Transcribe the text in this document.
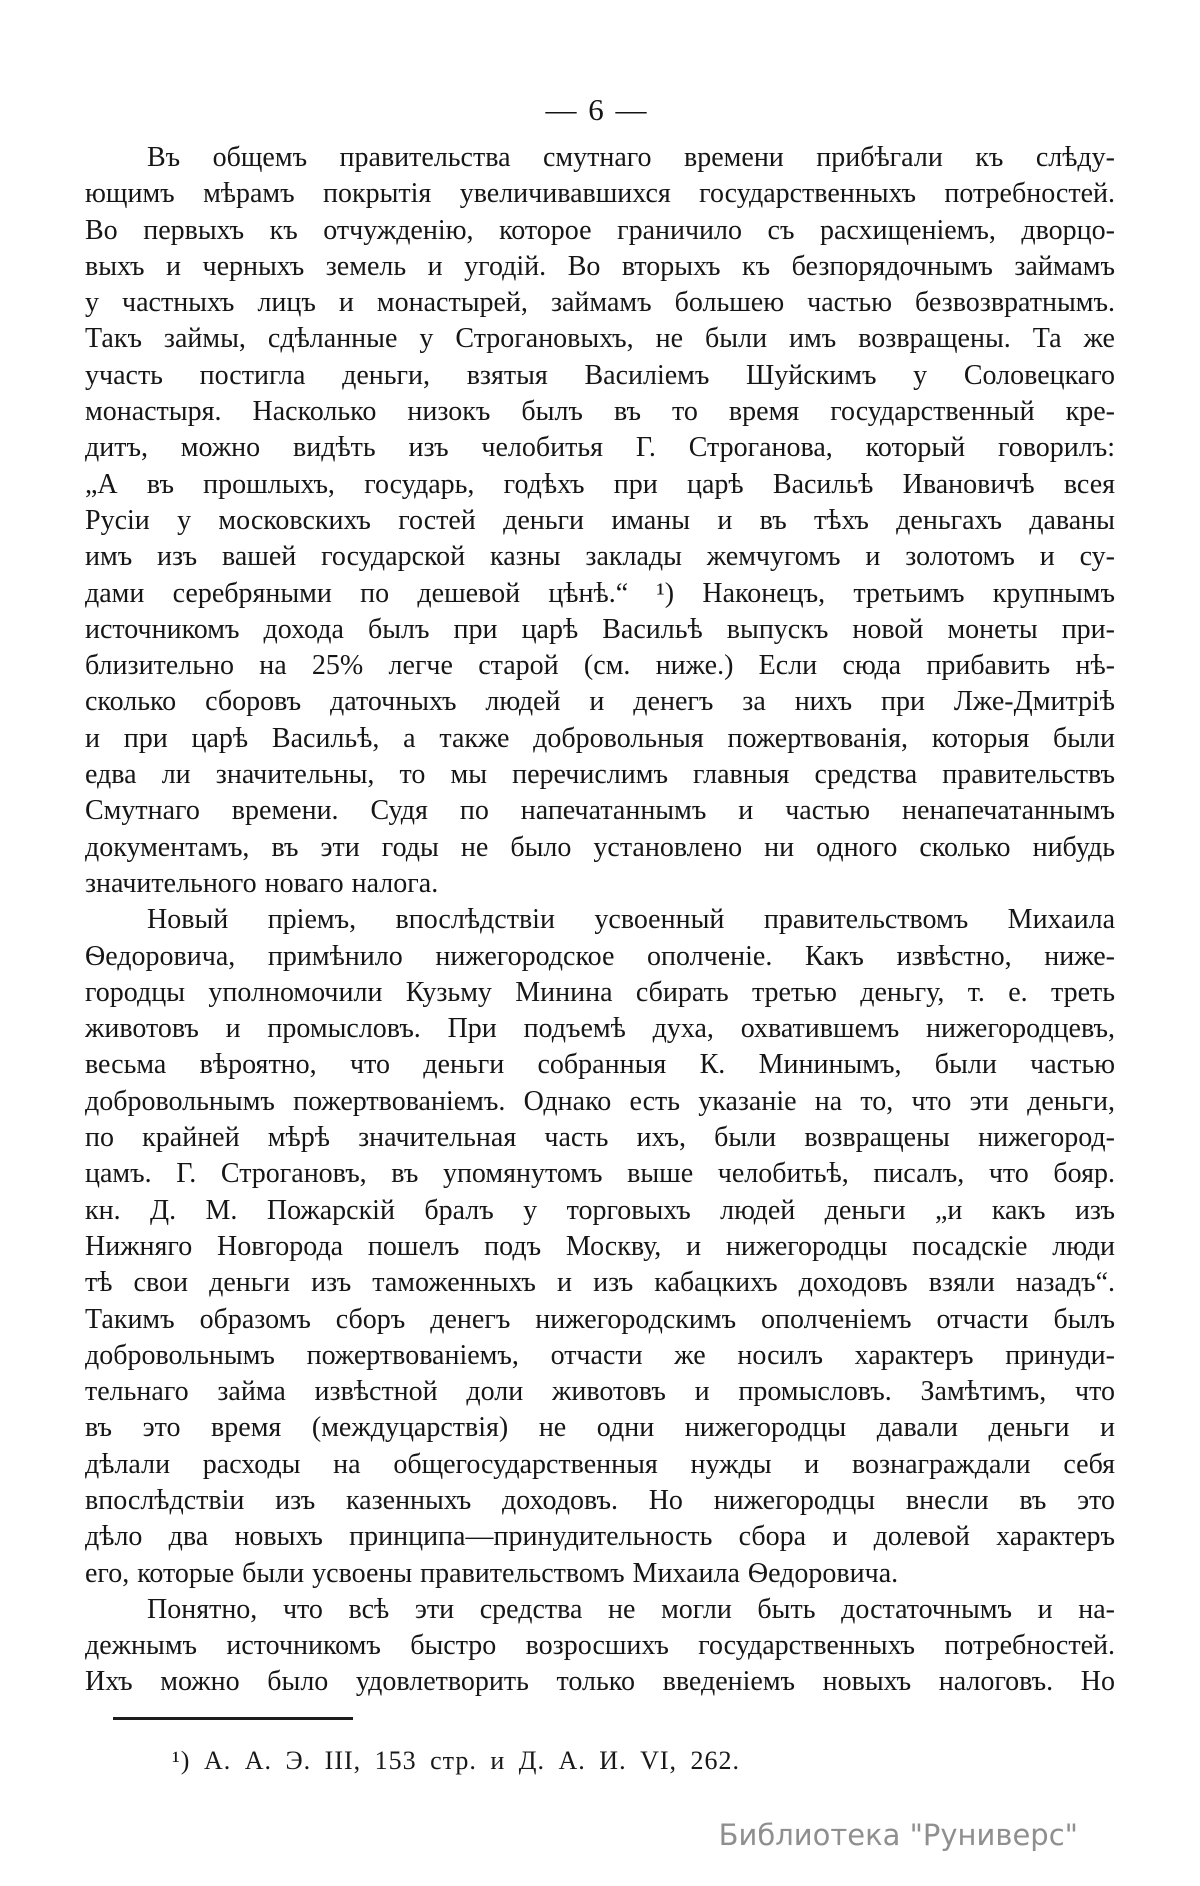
— 6 —
Въ общемъ правительства смутнаго времени прибѣгали къ слѣду-
ющимъ мѣрамъ покрытія увеличивавшихся государственныхъ потребностей.
Во первыхъ къ отчужденію, которое граничило съ расхищеніемъ, дворцо-
выхъ и черныхъ земель и угодій. Во вторыхъ къ безпорядочнымъ займамъ
у частныхъ лицъ и монастырей, займамъ большею частью безвозвратнымъ.
Такъ займы, сдѣланные у Строгановыхъ, не были имъ возвращены. Та же
участь постигла деньги, взятыя Василіемъ Шуйскимъ у Соловецкаго
монастыря. Насколько низокъ былъ въ то время государственный кре-
дитъ, можно видѣть изъ челобитья Г. Строганова, который говорилъ:
„А въ прошлыхъ, государь, годѣхъ при царѣ Васильѣ Ивановичѣ всея
Русіи у московскихъ гостей деньги иманы и въ тѣхъ деньгахъ даваны
имъ изъ вашей государской казны заклады жемчугомъ и золотомъ и су-
дами серебряными по дешевой цѣнѣ.“ ¹) Наконецъ, третьимъ крупнымъ
источникомъ дохода былъ при царѣ Васильѣ выпускъ новой монеты при-
близительно на 25% легче старой (см. ниже.) Если сюда прибавить нѣ-
сколько сборовъ даточныхъ людей и денегъ за нихъ при Лже-Дмитріѣ
и при царѣ Васильѣ, а также добровольныя пожертвованія, которыя были
едва ли значительны, то мы перечислимъ главныя средства правительствъ
Смутнаго времени. Судя по напечатаннымъ и частью ненапечатаннымъ
документамъ, въ эти годы не было установлено ни одного сколько нибудь
значительного новаго налога.
Новый пріемъ, впослѣдствіи усвоенный правительствомъ Михаила
Ѳедоровича, примѣнило нижегородское ополченіе. Какъ извѣстно, ниже-
городцы уполномочили Кузьму Минина сбирать третью деньгу, т. е. треть
животовъ и промысловъ. При подъемѣ духа, охватившемъ нижегородцевъ,
весьма вѣроятно, что деньги собранныя К. Мининымъ, были частью
добровольнымъ пожертвованіемъ. Однако есть указаніе на то, что эти деньги,
по крайней мѣрѣ значительная часть ихъ, были возвращены нижегород-
цамъ. Г. Строгановъ, въ упомянутомъ выше челобитьѣ, писалъ, что бояр.
кн. Д. М. Пожарскій бралъ у торговыхъ людей деньги „и какъ изъ
Нижняго Новгорода пошелъ подъ Москву, и нижегородцы посадскіе люди
тѣ свои деньги изъ таможенныхъ и изъ кабацкихъ доходовъ взяли назадъ“.
Такимъ образомъ сборъ денегъ нижегородскимъ ополченіемъ отчасти былъ
добровольнымъ пожертвованіемъ, отчасти же носилъ характеръ принуди-
тельнаго займа извѣстной доли животовъ и промысловъ. Замѣтимъ, что
въ это время (междуцарствія) не одни нижегородцы давали деньги и
дѣлали расходы на общегосударственныя нужды и вознаграждали себя
впослѣдствіи изъ казенныхъ доходовъ. Но нижегородцы внесли въ это
дѣло два новыхъ принципа—принудительность сбора и долевой характеръ
его, которые были усвоены правительствомъ Михаила Ѳедоровича.
Понятно, что всѣ эти средства не могли быть достаточнымъ и на-
дежнымъ источникомъ быстро возросшихъ государственныхъ потребностей.
Ихъ можно было удовлетворить только введеніемъ новыхъ налоговъ. Но
¹) А. А. Э. III, 153 стр. и Д. А. И. VI, 262.
Библиотека "Руниверс"
